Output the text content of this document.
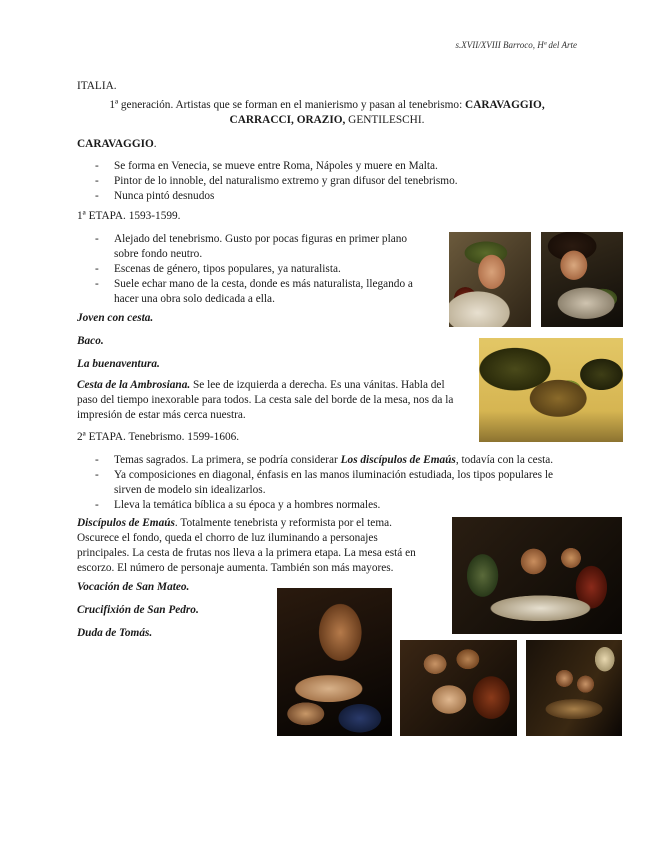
s.XVII/XVIII Barroco, Hª del Arte
ITALIA.
1ª generación. Artistas que se forman en el manierismo y pasan al tenebrismo: CARAVAGGIO,
CARRACCI, ORAZIO, GENTILESCHI.
CARAVAGGIO.
- Se forma en Venecia, se mueve entre Roma, Nápoles y muere en Malta.
- Pintor de lo innoble, del naturalismo extremo y gran difusor del tenebrismo.
- Nunca pintó desnudos
1ª ETAPA. 1593-1599.
- Alejado del tenebrismo. Gusto por pocas figuras en primer plano
sobre fondo neutro.
- Escenas de género, tipos populares, ya naturalista.
- Suele echar mano de la cesta, donde es más naturalista, llegando a
hacer una obra solo dedicada a ella.
Joven con cesta.
Baco.
La buenaventura.
Cesta de la Ambrosiana. Se lee de izquierda a derecha. Es una vánitas. Habla del
paso del tiempo inexorable para todos. La cesta sale del borde de la mesa, nos da la
impresión de estar más cerca nuestra.
2ª ETAPA. Tenebrismo. 1599-1606.
- Temas sagrados. La primera, se podría considerar Los discípulos de Emaús, todavía con la cesta.
- Ya composiciones en diagonal, énfasis en las manos iluminación estudiada, los tipos populares le
sirven de modelo sin idealizarlos.
- Lleva la temática bíblica a su época y a hombres normales.
Discípulos de Emaús. Totalmente tenebrista y reformista por el tema.
Oscurece el fondo, queda el chorro de luz iluminando a personajes
principales. La cesta de frutas nos lleva a la primera etapa. La mesa está en
escorzo. El número de personaje aumenta. También son más mayores.
Vocación de San Mateo.
Crucifixión de San Pedro.
Duda de Tomás.
